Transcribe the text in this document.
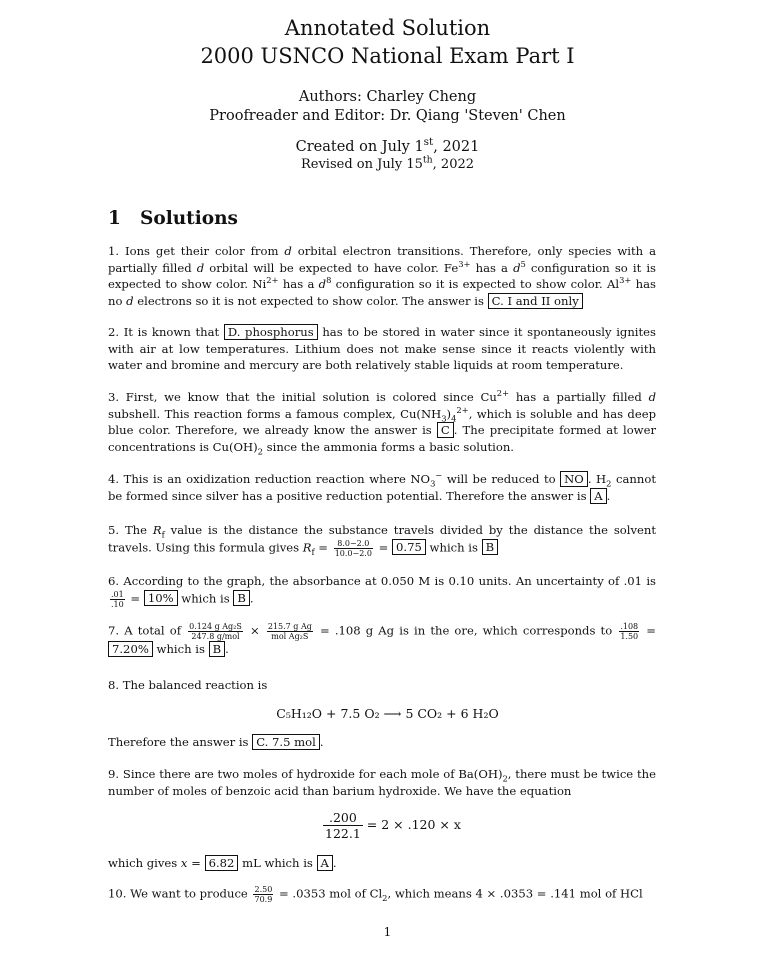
Annotated Solution
2000 USNCO National Exam Part I
Authors: Charley Cheng
Proofreader and Editor: Dr. Qiang 'Steven' Chen
Created on July 1st, 2021
Revised on July 15th, 2022
1 Solutions
1. Ions get their color from d orbital electron transitions. Therefore, only species with a partially filled d orbital will be expected to have color. $Fe^{3+}$ has a $d^5$ configuration so it is expected to show color. $Ni^{2+}$ has a $d^8$ configuration so it is expected to show color. $Al^{3+}$ has no d electrons so it is not expected to show color. The answer is C. I and II only
2. It is known that D. phosphorus has to be stored in water since it spontaneously ignites with air at low temperatures. Lithium does not make sense since it reacts violently with water and bromine and mercury are both relatively stable liquids at room temperature.
3. First, we know that the initial solution is colored since $Cu^{2+}$ has a partially filled d subshell. This reaction forms a famous complex, $Cu(NH_3)_4^{2+}$, which is soluble and has deep blue color. Therefore, we already know the answer is C . The precipitate formed at lower concentrations is $Cu(OH)_2$ since the ammonia forms a basic solution.
4. This is an oxidization reduction reaction where $NO_3^-$ will be reduced to NO . $H_2$ cannot be formed since silver has a positive reduction potential. Therefore the answer is A .
5. The $R_f$ value is the distance the substance travels divided by the distance the solvent travels. Using this formula gives $R_f = \frac{8.0-2.0}{10.0-2.0} = 0.75$ which is B
6. According to the graph, the absorbance at 0.050 M is 0.10 units. An uncertainty of .01 is
$\frac{.01}{.10} = 10\%$ which is B .
7. A total of 0.124 g Ag₂S
247.8 g/mol × 215.7 g Ag
mol Ag₂S = .108 g Ag is in the ore, which corresponds to $\frac{.108}{1.50} = 7.20\%$ which is B .
8. The balanced reaction is
C₅H₁₂O + 7.5 O₂ ⟶ 5 CO₂ + 6 H₂O
Therefore the answer is C. 7.5 mol .
9. Since there are two moles of hydroxide for each mole of $Ba(OH)_2$, there must be twice the number of moles of benzoic acid than barium hydroxide. We have the equation
$\frac{.200}{122.1} = 2 \times .120 \times x$
which gives x = 6.82 mL which is A .
10. We want to produce $\frac{2.50}{70.9} = .0353$ mol of $Cl_2$, which means 4 × .0353 = .141 mol of HCl
1
